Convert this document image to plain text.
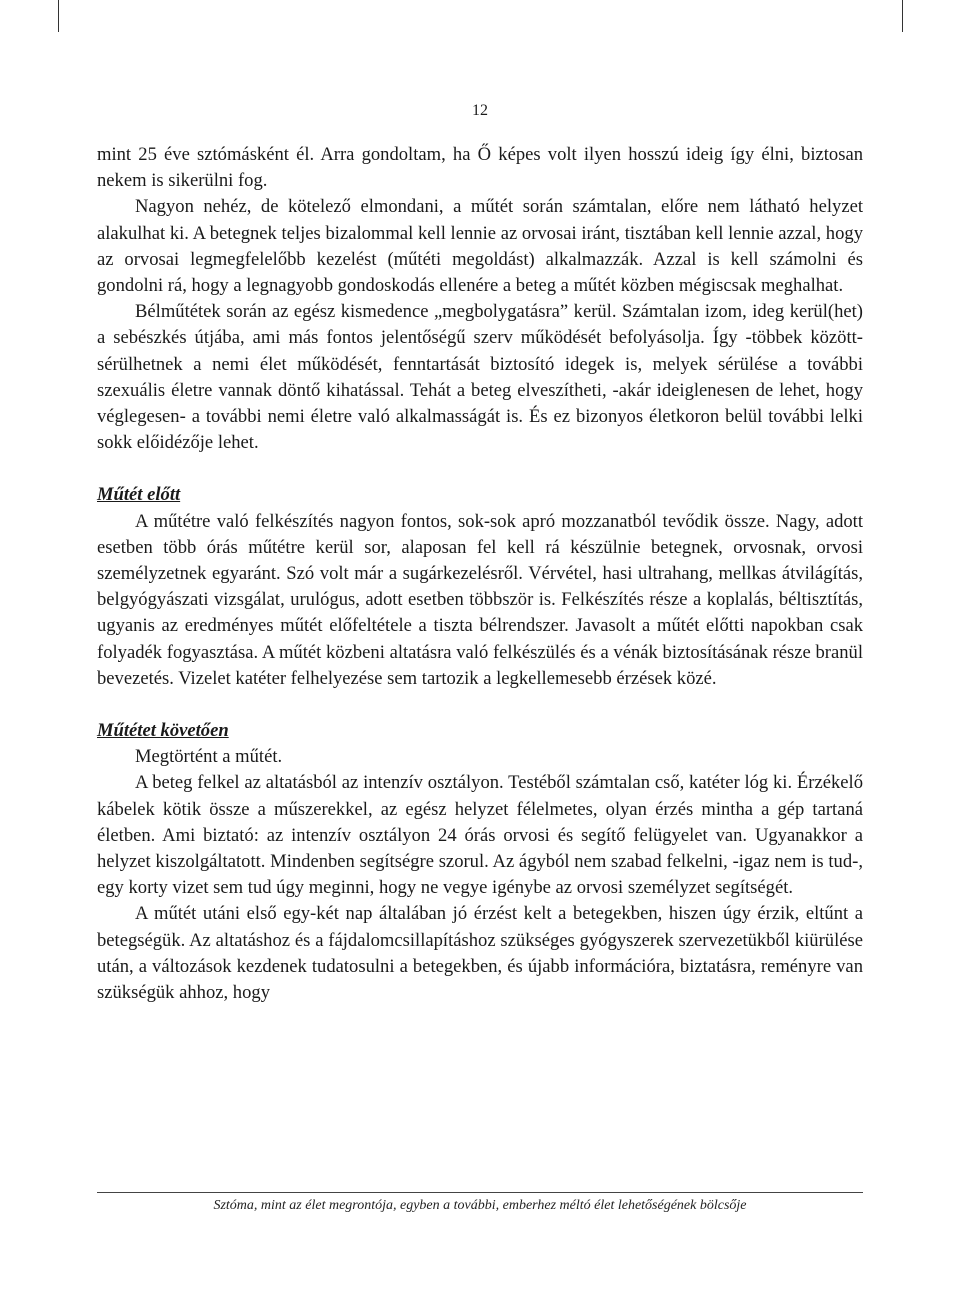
12

mint 25 éve sztómásként él. Arra gondoltam, ha Ő képes volt ilyen hosszú ideig így élni, biztosan nekem is sikerülni fog.

Nagyon nehéz, de kötelező elmondani, a műtét során számtalan, előre nem látható helyzet alakulhat ki. A betegnek teljes bizalommal kell lennie az orvosai iránt, tisztában kell lennie azzal, hogy az orvosai legmegfelelőbb kezelést (műtéti megoldást) alkalmazzák. Azzal is kell számolni és gondolni rá, hogy a legnagyobb gondoskodás ellenére a beteg a műtét közben mégiscsak meghalhat.

Bélműtétek során az egész kismedence „megbolygatásra” kerül. Számtalan izom, ideg kerül(het) a sebészkés útjába, ami más fontos jelentőségű szerv működését befolyásolja. Így -többek között- sérülhetnek a nemi élet működését, fenntartását biztosító idegek is, melyek sérülése a további szexuális életre vannak döntő kihatással. Tehát a beteg elveszítheti, -akár ideiglenesen de lehet, hogy véglegesen- a további nemi életre való alkalmasságát is. És ez bizonyos életkoron belül további lelki sokk előidézője lehet.

Műtét előtt

A műtétre való felkészítés nagyon fontos, sok-sok apró mozzanatból tevődik össze. Nagy, adott esetben több órás műtétre kerül sor, alaposan fel kell rá készülnie betegnek, orvosnak, orvosi személyzetnek egyaránt. Szó volt már a sugárkezelésről. Vérvétel, hasi ultrahang, mellkas átvilágítás, belgyógyászati vizsgálat, urulógus, adott esetben többször is. Felkészítés része a koplalás, béltisztítás, ugyanis az eredményes műtét előfeltétele a tiszta bélrendszer. Javasolt a műtét előtti napokban csak folyadék fogyasztása. A műtét közbeni altatásra való felkészülés és a vénák biztosításának része branül bevezetés. Vizelet katéter felhelyezése sem tartozik a legkellemesebb érzések közé.

Műtétet követően

Megtörtént a műtét.

A beteg felkel az altatásból az intenzív osztályon. Testéből számtalan cső, katéter lóg ki. Érzékelő kábelek kötik össze a műszerekkel, az egész helyzet félelmetes, olyan érzés mintha a gép tartaná életben. Ami biztató: az intenzív osztályon 24 órás orvosi és segítő felügyelet van. Ugyanakkor a helyzet kiszolgáltatott. Mindenben segítségre szorul. Az ágyból nem szabad felkelni, -igaz nem is tud-, egy korty vizet sem tud úgy meginni, hogy ne vegye igénybe az orvosi személyzet segítségét.

A műtét utáni első egy-két nap általában jó érzést kelt a betegekben, hiszen úgy érzik, eltűnt a betegségük. Az altatáshoz és a fájdalomcsillapításhoz szükséges gyógyszerek szervezetükből kiürülése után, a változások kezdenek tudatosulni a betegekben, és újabb információra, biztatásra, reményre van szükségük ahhoz, hogy

Sztóma, mint az élet megrontója, egyben a további, emberhez méltó élet lehetőségének bölcsője
